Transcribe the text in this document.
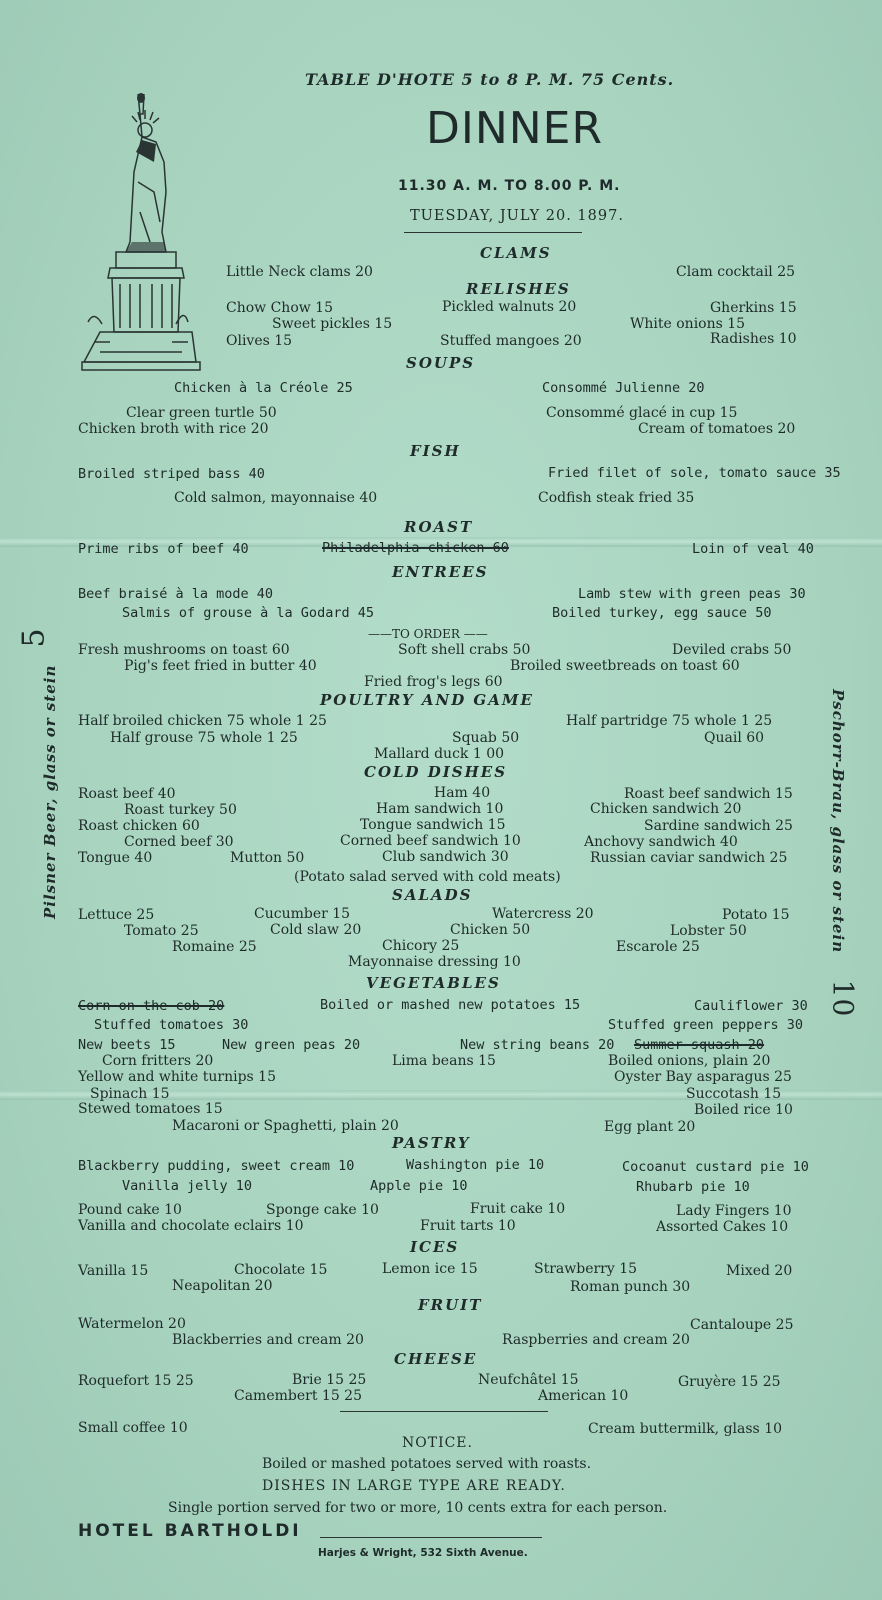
TABLE D'HOTE 5 to 8 P. M. 75 Cents.
DINNER
11.30 A. M. TO 8.00 P. M.
TUESDAY, JULY 20. 1897.
Pilsner Beer, glass or stein
5
Pschorr-Brau, glass or stein
10
CLAMS
Little Neck clams 20	Clam cocktail 25
RELISHES
Chow Chow 15	Pickled walnuts 20	Gherkins 15
Sweet pickles 15	White onions 15
Olives 15	Stuffed mangoes 20	Radishes 10
SOUPS
Chicken à la Créole 25	Consommé Julienne 20
Clear green turtle 50	Consommé glacé in cup 15
Chicken broth with rice 20	Cream of tomatoes 20
FISH
Broiled striped bass 40	Fried filet of sole, tomato sauce 35
Cold salmon, mayonnaise 40	Codfish steak fried 35
ROAST
Prime ribs of beef 40	Philadelphia chicken 60	Loin of veal 40
ENTREES
Beef braisé à la mode 40	Lamb stew with green peas 30
Salmis of grouse à la Godard 45	Boiled turkey, egg sauce 50
——TO ORDER ——
Fresh mushrooms on toast 60	Soft shell crabs 50	Deviled crabs 50
Pig's feet fried in butter 40	Broiled sweetbreads on toast 60
Fried frog's legs 60
POULTRY AND GAME
Half broiled chicken 75 whole 1 25	Half partridge 75 whole 1 25
Half grouse 75 whole 1 25	Squab 50	Quail 60
Mallard duck 1 00
COLD DISHES
Roast beef 40	Ham 40	Roast beef sandwich 15
Roast turkey 50	Ham sandwich 10	Chicken sandwich 20
Roast chicken 60	Tongue sandwich 15	Sardine sandwich 25
Corned beef 30	Corned beef sandwich 10	Anchovy sandwich 40
Tongue 40	Mutton 50	Club sandwich 30	Russian caviar sandwich 25
(Potato salad served with cold meats)
SALADS
Lettuce 25	Cucumber 15	Watercress 20	Potato 15
Tomato 25	Cold slaw 20	Chicken 50	Lobster 50
Romaine 25	Chicory 25	Escarole 25
Mayonnaise dressing 10
VEGETABLES
Corn on the cob 20	Boiled or mashed new potatoes 15	Cauliflower 30
Stuffed tomatoes 30	Stuffed green peppers 30
New beets 15	New green peas 20	New string beans 20 Summer squash 20
Corn fritters 20	Lima beans 15	Boiled onions, plain 20
Yellow and white turnips 15	Oyster Bay asparagus 25
Spinach 15	Succotash 15
Stewed tomatoes 15	Boiled rice 10
Macaroni or Spaghetti, plain 20	Egg plant 20
PASTRY
Blackberry pudding, sweet cream 10	Washington pie 10	Cocoanut custard pie 10
Vanilla jelly 10	Apple pie 10	Rhubarb pie 10
Pound cake 10	Sponge cake 10	Fruit cake 10	Lady Fingers 10
Vanilla and chocolate eclairs 10	Fruit tarts 10	Assorted Cakes 10
ICES
Vanilla 15	Chocolate 15	Lemon ice 15	Strawberry 15	Mixed 20
Neapolitan 20	Roman punch 30
FRUIT
Watermelon 20	Cantaloupe 25
Blackberries and cream 20	Raspberries and cream 20
CHEESE
Roquefort 15 25	Brie 15 25	Neufchâtel 15	Gruyère 15 25
Camembert 15 25	American 10
Small coffee 10	Cream buttermilk, glass 10
NOTICE.
Boiled or mashed potatoes served with roasts.
DISHES IN LARGE TYPE ARE READY.
Single portion served for two or more, 10 cents extra for each person.
HOTEL BARTHOLDI
Harjes & Wright, 532 Sixth Avenue.
